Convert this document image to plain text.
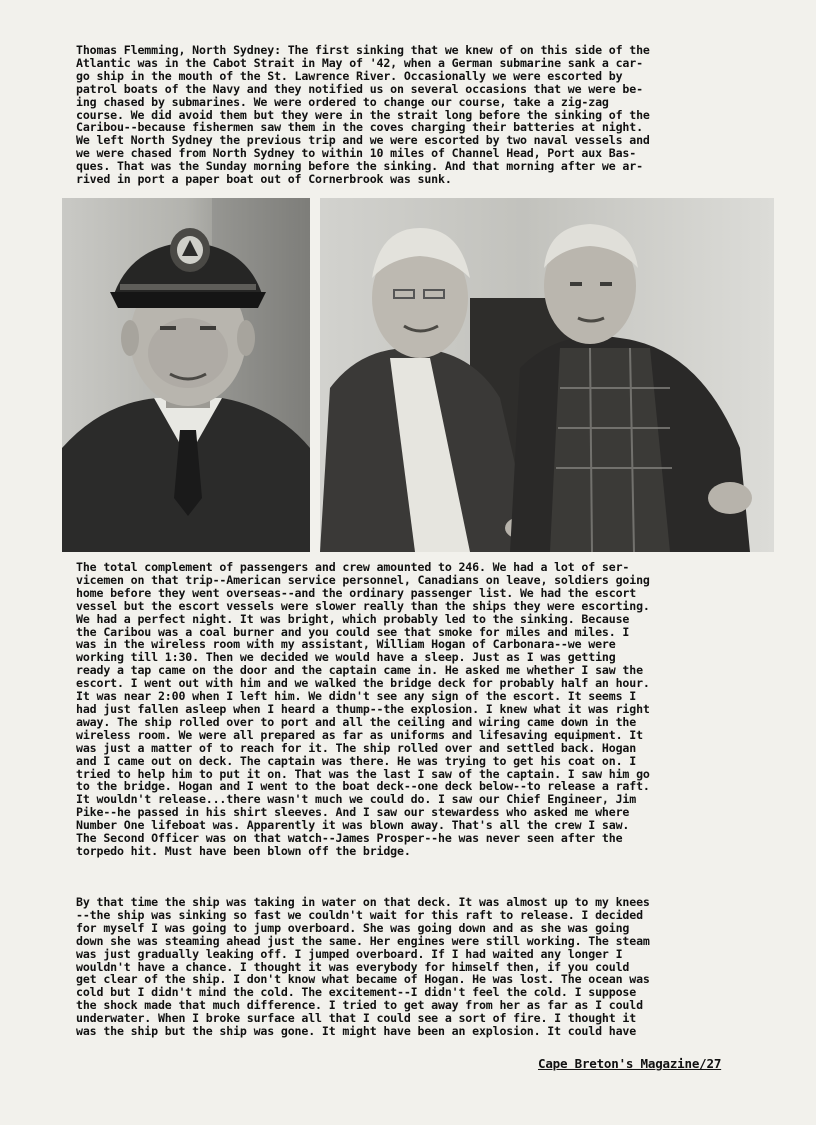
Thomas Flemming, North Sydney: The first sinking that we knew of on this side of the
Atlantic was in the Cabot Strait in May of '42, when a German submarine sank a car-
go ship in the mouth of the St. Lawrence River. Occasionally we were escorted by
patrol boats of the Navy and they notified us on several occasions that we were be-
ing chased by submarines. We were ordered to change our course, take a zig-zag
course. We did avoid them but they were in the strait long before the sinking of the
Caribou--because fishermen saw them in the coves charging their batteries at night.
We left North Sydney the previous trip and we were escorted by two naval vessels and
we were chased from North Sydney to within 10 miles of Channel Head, Port aux Bas-
ques. That was the Sunday morning before the sinking. And that morning after we ar-
rived in port a paper boat out of Cornerbrook was sunk.

The total complement of passengers and crew amounted to 246. We had a lot of ser-
vicemen on that trip--American service personnel, Canadians on leave, soldiers going
home before they went overseas--and the ordinary passenger list. We had the escort
vessel but the escort vessels were slower really than the ships they were escorting.
We had a perfect night. It was bright, which probably led to the sinking. Because
the Caribou was a coal burner and you could see that smoke for miles and miles. I
was in the wireless room with my assistant, William Hogan of Carbonara--we were
working till 1:30. Then we decided we would have a sleep. Just as I was getting
ready a tap came on the door and the captain came in. He asked me whether I saw the
escort. I went out with him and we walked the bridge deck for probably half an hour.
It was near 2:00 when I left him. We didn't see any sign of the escort. It seems I
had just fallen asleep when I heard a thump--the explosion. I knew what it was right
away. The ship rolled over to port and all the ceiling and wiring came down in the
wireless room. We were all prepared as far as uniforms and lifesaving equipment. It
was just a matter of to reach for it. The ship rolled over and settled back. Hogan
and I came out on deck. The captain was there. He was trying to get his coat on. I
tried to help him to put it on. That was the last I saw of the captain. I saw him go
to the bridge. Hogan and I went to the boat deck--one deck below--to release a raft.
It wouldn't release...there wasn't much we could do. I saw our Chief Engineer, Jim
Pike--he passed in his shirt sleeves. And I saw our stewardess who asked me where
Number One lifeboat was. Apparently it was blown away. That's all the crew I saw.
The Second Officer was on that watch--James Prosper--he was never seen after the
torpedo hit. Must have been blown off the bridge.

By that time the ship was taking in water on that deck. It was almost up to my knees
--the ship was sinking so fast we couldn't wait for this raft to release. I decided
for myself I was going to jump overboard. She was going down and as she was going
down she was steaming ahead just the same. Her engines were still working. The steam
was just gradually leaking off. I jumped overboard. If I had waited any longer I
wouldn't have a chance. I thought it was everybody for himself then, if you could
get clear of the ship. I don't know what became of Hogan. He was lost. The ocean was
cold but I didn't mind the cold. The excitement--I didn't feel the cold. I suppose
the shock made that much difference. I tried to get away from her as far as I could
underwater. When I broke surface all that I could see a sort of fire. I thought it
was the ship but the ship was gone. It might have been an explosion. It could have

Cape Breton's Magazine/27
